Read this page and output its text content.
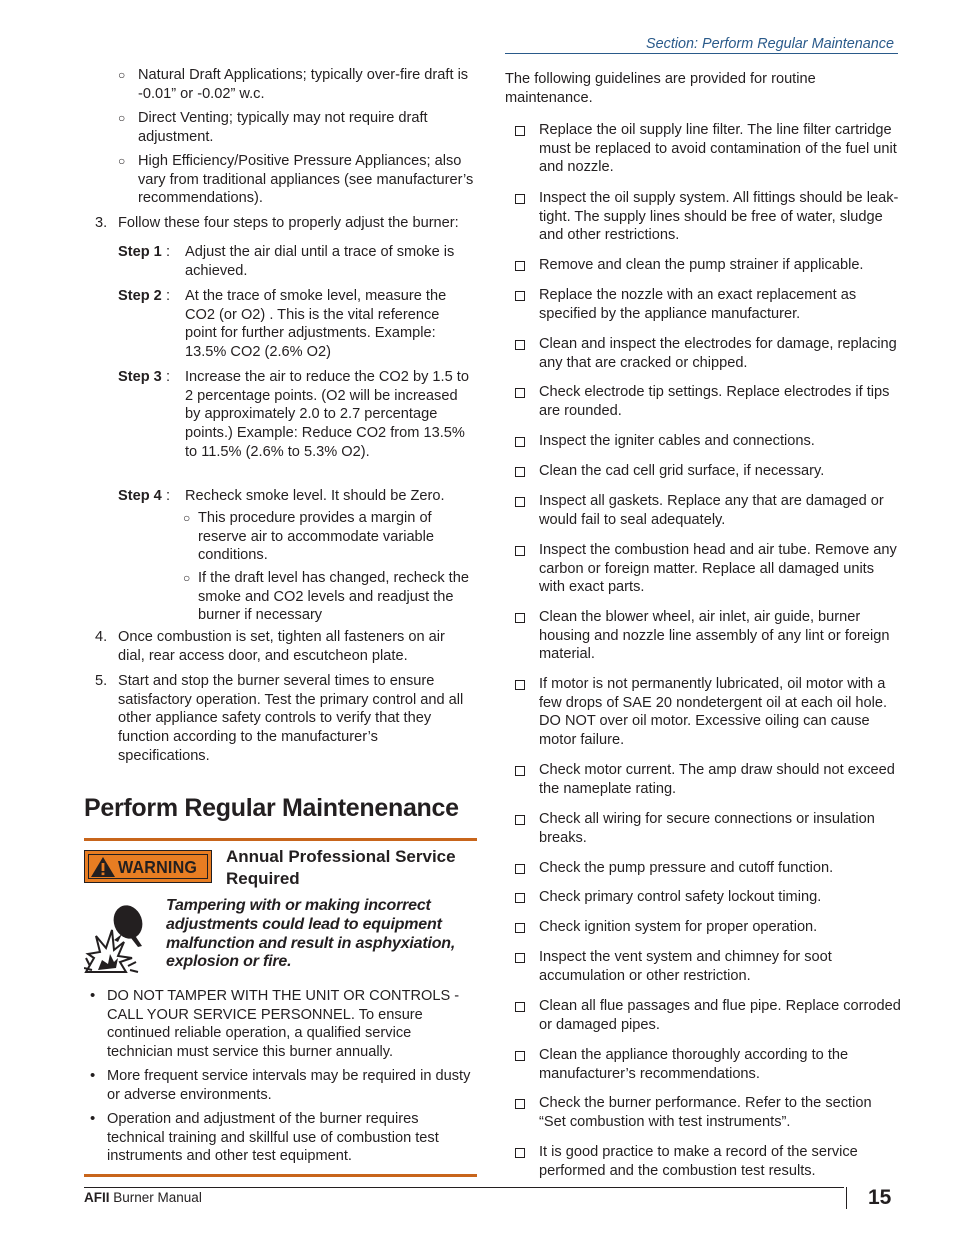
Section: Perform Regular Maintenance
○ Natural Draft Applications; typically over-fire draft is -0.01” or -0.02” w.c.
○ Direct Venting; typically may not require draft adjustment.
○ High Efficiency/Positive Pressure Appliances; also vary from traditional appliances (see manufacturer’s recommendations).
3. Follow these four steps to properly adjust the burner:
Step 1 : Adjust the air dial until a trace of smoke is achieved.
Step 2 : At the trace of smoke level, measure the CO2 (or O2) . This is the vital reference point for further adjustments. Example: 13.5% CO2 (2.6% O2)
Step 3 : Increase the air to reduce the CO2 by 1.5 to 2 percentage points. (O2 will be increased by approximately 2.0 to 2.7 percentage points.) Example: Reduce CO2 from 13.5% to 11.5% (2.6% to 5.3% O2).
Step 4 : Recheck smoke level. It should be Zero.
○ This procedure provides a margin of reserve air to accommodate variable conditions.
○ If the draft level has changed, recheck the smoke and CO2 levels and readjust the burner if necessary
4. Once combustion is set, tighten all fasteners on air dial, rear access door, and escutcheon plate.
5. Start and stop the burner several times to ensure satisfactory operation. Test the primary control and all other appliance safety controls to verify that they function according to the manufacturer’s specifications.
Perform Regular Maintenenance
WARNING
Annual Professional Service Required
Tampering with or making incorrect adjustments could lead to equipment malfunction and result in asphyxiation, explosion or fire.
• DO NOT TAMPER WITH THE UNIT OR CONTROLS - CALL YOUR SERVICE PERSONNEL. To ensure continued reliable operation, a qualified service technician must service this burner annually.
• More frequent service intervals may be required in dusty or adverse environments.
• Operation and adjustment of the burner requires technical training and skillful use of combustion test instruments and other test equipment.
The following guidelines are provided for routine maintenance.
Replace the oil supply line filter. The line filter cartridge must be replaced to avoid contamination of the fuel unit and nozzle.
Inspect the oil supply system. All fittings should be leak-tight. The supply lines should be free of water, sludge and other restrictions.
Remove and clean the pump strainer if applicable.
Replace the nozzle with an exact replacement as specified by the appliance manufacturer.
Clean and inspect the electrodes for damage, replacing any that are cracked or chipped.
Check electrode tip settings. Replace electrodes if tips are rounded.
Inspect the igniter cables and connections.
Clean the cad cell grid surface, if necessary.
Inspect all gaskets. Replace any that are damaged or would fail to seal adequately.
Inspect the combustion head and air tube. Remove any carbon or foreign matter. Replace all damaged units with exact parts.
Clean the blower wheel, air inlet, air guide, burner housing and nozzle line assembly of any lint or foreign material.
If motor is not permanently lubricated, oil motor with a few drops of SAE 20 nondetergent oil at each oil hole. DO NOT over oil motor. Excessive oiling can cause motor failure.
Check motor current. The amp draw should not exceed the nameplate rating.
Check all wiring for secure connections or insulation breaks.
Check the pump pressure and cutoff function.
Check primary control safety lockout timing.
Check ignition system for proper operation.
Inspect the vent system and chimney for soot accumulation or other restriction.
Clean all flue passages and flue pipe. Replace corroded or damaged pipes.
Clean the appliance thoroughly according to the manufacturer’s recommendations.
Check the burner performance. Refer to the section “Set combustion with test instruments”.
It is good practice to make a record of the service performed and the combustion test results.
AFII Burner Manual	15
